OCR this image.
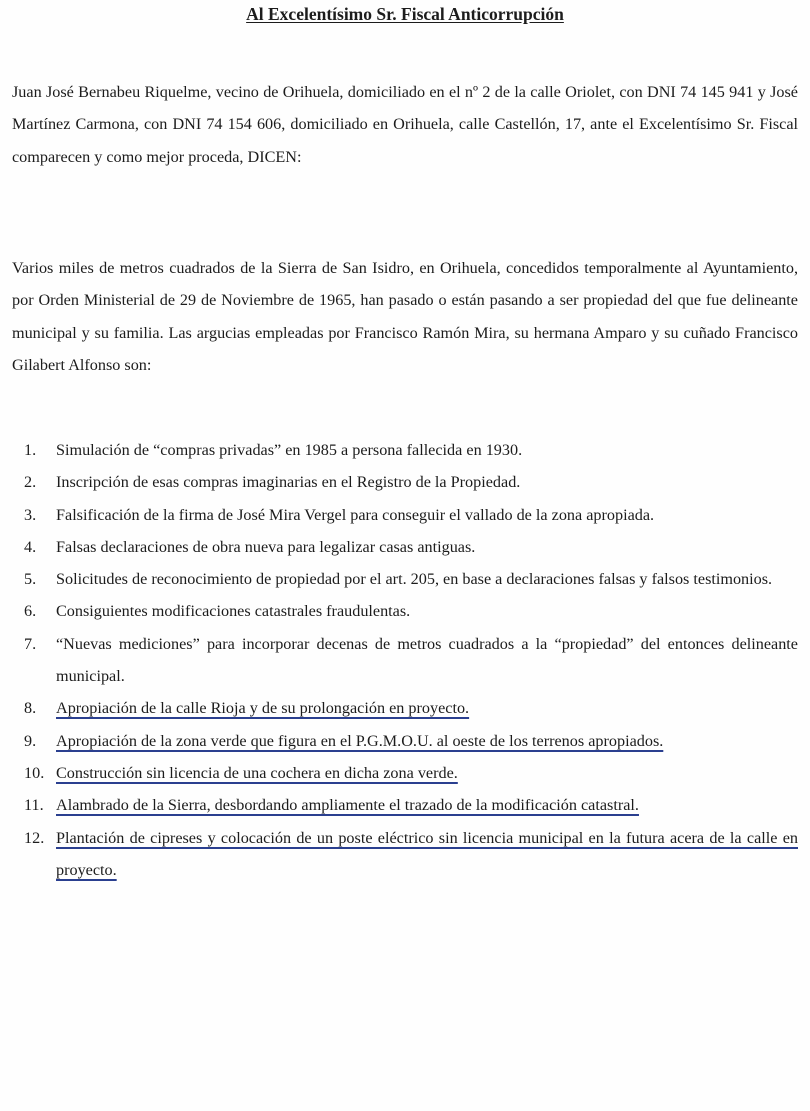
Al Excelentísimo Sr. Fiscal Anticorrupción

Juan José Bernabeu Riquelme, vecino de Orihuela, domiciliado en el nº 2 de la calle Oriolet, con DNI 74 145 941 y José Martínez Carmona, con DNI 74 154 606, domiciliado en Orihuela, calle Castellón, 17, ante el Excelentísimo Sr. Fiscal comparecen y como mejor proceda, DICEN:

Varios miles de metros cuadrados de la Sierra de San Isidro, en Orihuela, concedidos temporalmente al Ayuntamiento, por Orden Ministerial de 29 de Noviembre de 1965, han pasado o están pasando a ser propiedad del que fue delineante municipal y su familia. Las argucias empleadas por Francisco Ramón Mira, su hermana Amparo y su cuñado Francisco Gilabert Alfonso son:

1.	Simulación de “compras privadas” en 1985 a persona fallecida en 1930.
2.	Inscripción de esas compras imaginarias en el Registro de la Propiedad.
3.	Falsificación de la firma de José Mira Vergel para conseguir el vallado de la zona apropiada.
4.	Falsas declaraciones de obra nueva para legalizar casas antiguas.
5.	Solicitudes de reconocimiento de propiedad por el art. 205, en base a declaraciones falsas y falsos testimonios.
6.	Consiguientes modificaciones catastrales fraudulentas.
7.	“Nuevas mediciones” para incorporar decenas de metros cuadrados a la “propiedad” del entonces delineante municipal.
8.	Apropiación de la calle Rioja y de su prolongación en proyecto.
9.	Apropiación de la zona verde que figura en el P.G.M.O.U. al oeste de los terrenos apropiados.
10. Construcción sin licencia de una cochera en dicha zona verde.
11. Alambrado de la Sierra, desbordando ampliamente el trazado de la modificación catastral.
12. Plantación de cipreses y colocación de un poste eléctrico sin licencia municipal en la futura acera de la calle en proyecto.
